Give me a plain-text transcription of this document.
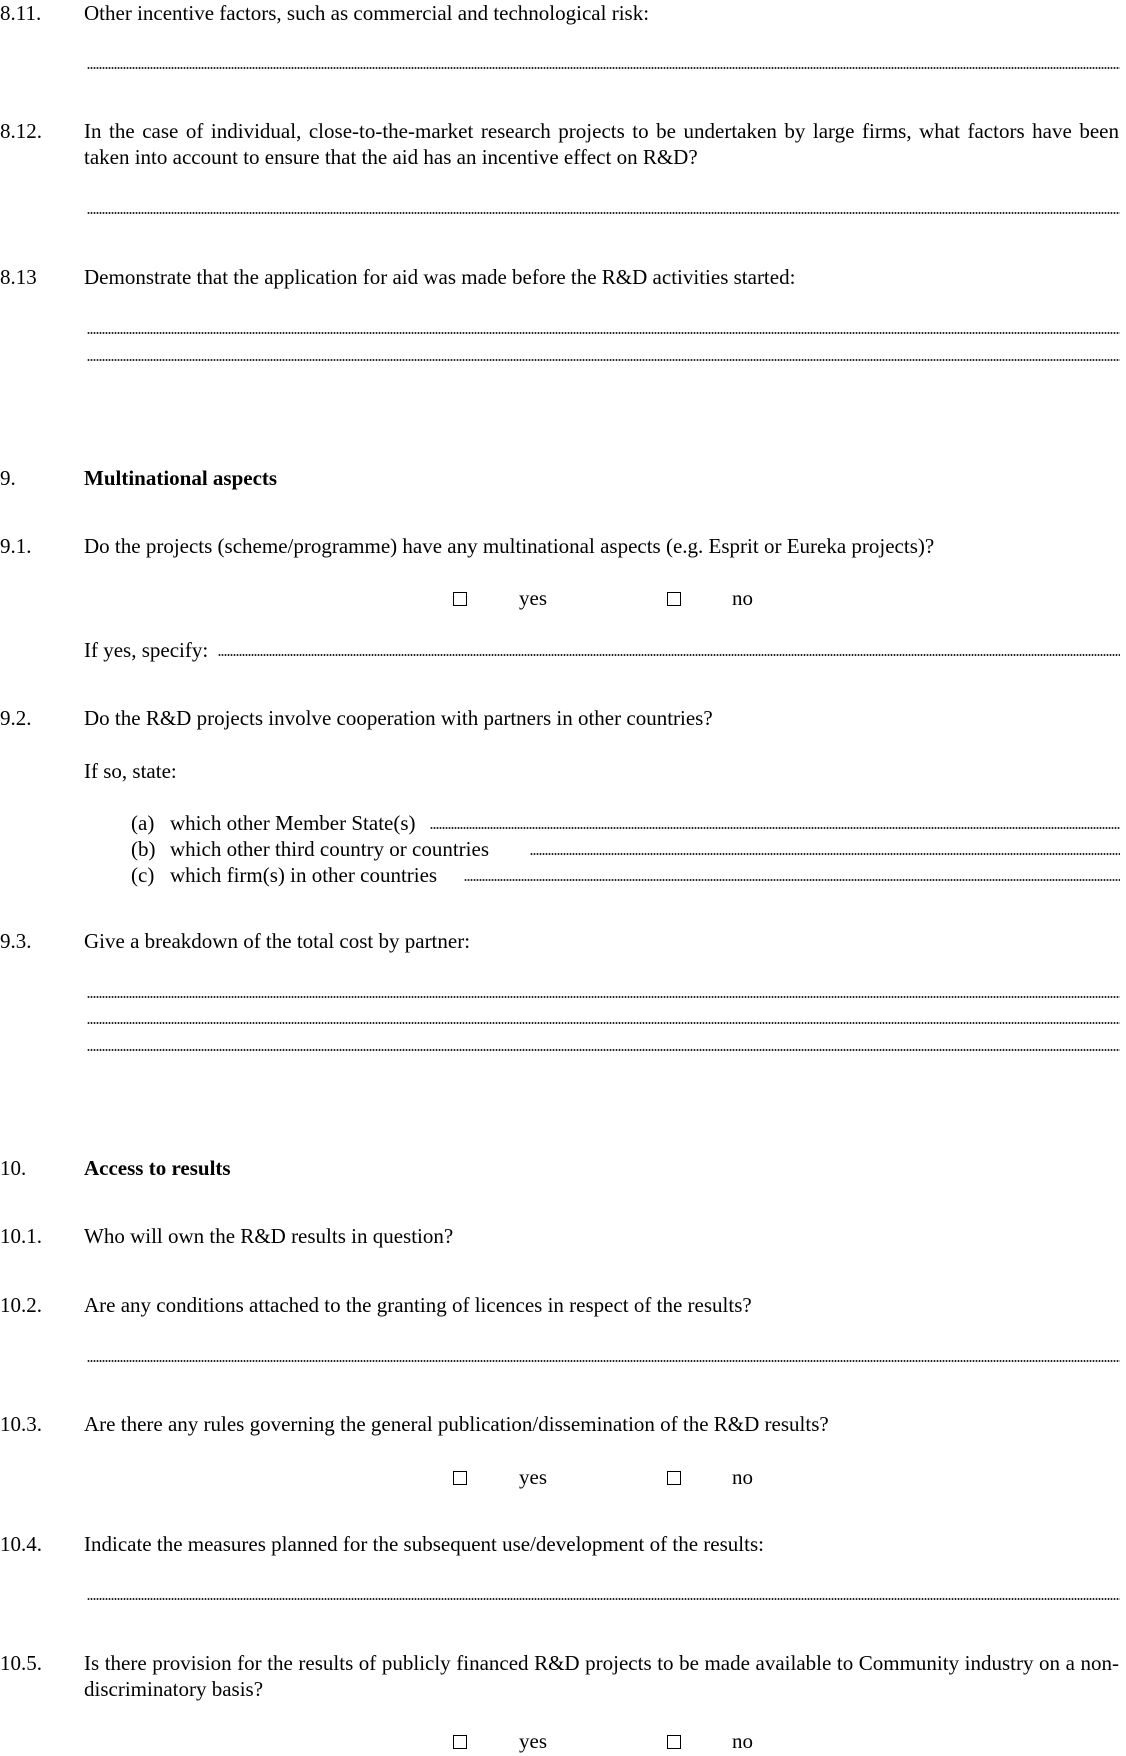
8.11. Other incentive factors, such as commercial and technological risk:
8.12. In the case of individual, close-to-the-market research projects to be undertaken by large firms, what factors have been taken into account to ensure that the aid has an incentive effect on R&D?
8.13 Demonstrate that the application for aid was made before the R&D activities started:
9.	Multinational aspects
9.1.	Do the projects (scheme/programme) have any multinational aspects (e.g. Esprit or Eureka projects)?
yes	no
If yes, specify:
9.2.	Do the R&D projects involve cooperation with partners in other countries?
If so, state:
(a) which other Member State(s)
(b) which other third country or countries
(c) which firm(s) in other countries
9.3.	Give a breakdown of the total cost by partner:
10.	Access to results
10.1. Who will own the R&D results in question?
10.2. Are any conditions attached to the granting of licences in respect of the results?
10.3. Are there any rules governing the general publication/dissemination of the R&D results?
yes	no
10.4. Indicate the measures planned for the subsequent use/development of the results:
10.5. Is there provision for the results of publicly financed R&D projects to be made available to Community industry on a non-discriminatory basis?
yes	no
